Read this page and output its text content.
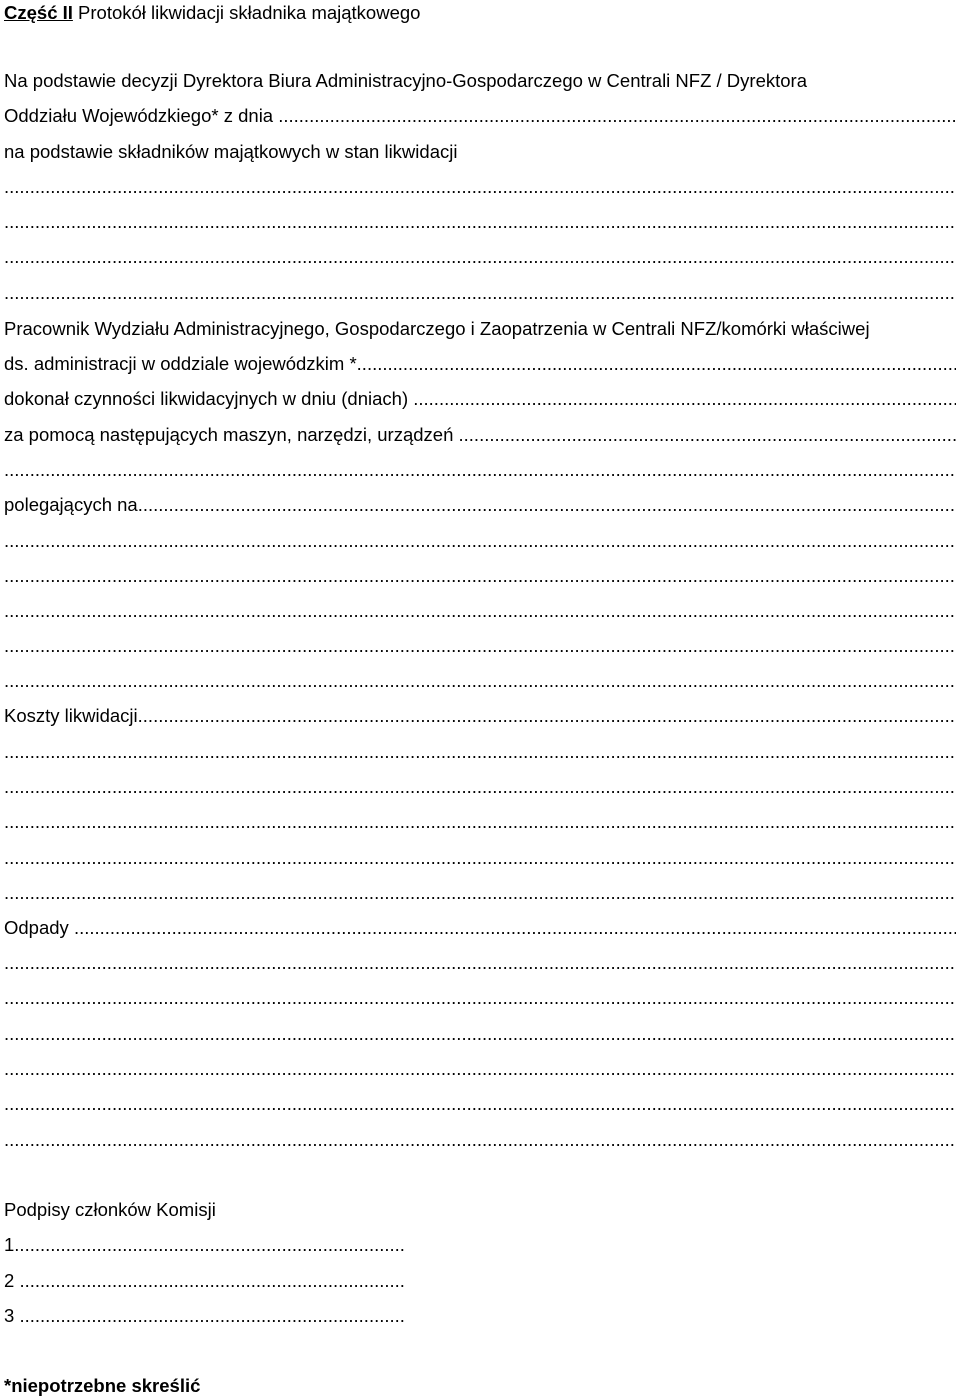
Część II Protokół likwidacji składnika majątkowego
Na podstawie decyzji Dyrektora Biura Administracyjno-Gospodarczego w Centrali NFZ / Dyrektora
Oddziału Wojewódzkiego* z dnia
.....
na podstawie składników majątkowych w stan likwidacji
.....
.....
.....
.....
Pracownik Wydziału Administracyjnego, Gospodarczego i Zaopatrzenia w Centrali NFZ/komórki właściwej
ds. administracji w oddziale wojewódzkim *
.....
dokonał czynności likwidacyjnych w dniu (dniach)
.....
za pomocą następujących maszyn, narzędzi, urządzeń
.....
.....
polegających na
.....
.....
.....
.....
.....
.....
Koszty likwidacji
.....
.....
.....
.....
.....
.....
Odpady
.....
.....
.....
.....
.....
.....
.....
Podpisy członków Komisji
1
.....
2
.....
3
.....
*niepotrzebne skreślić
